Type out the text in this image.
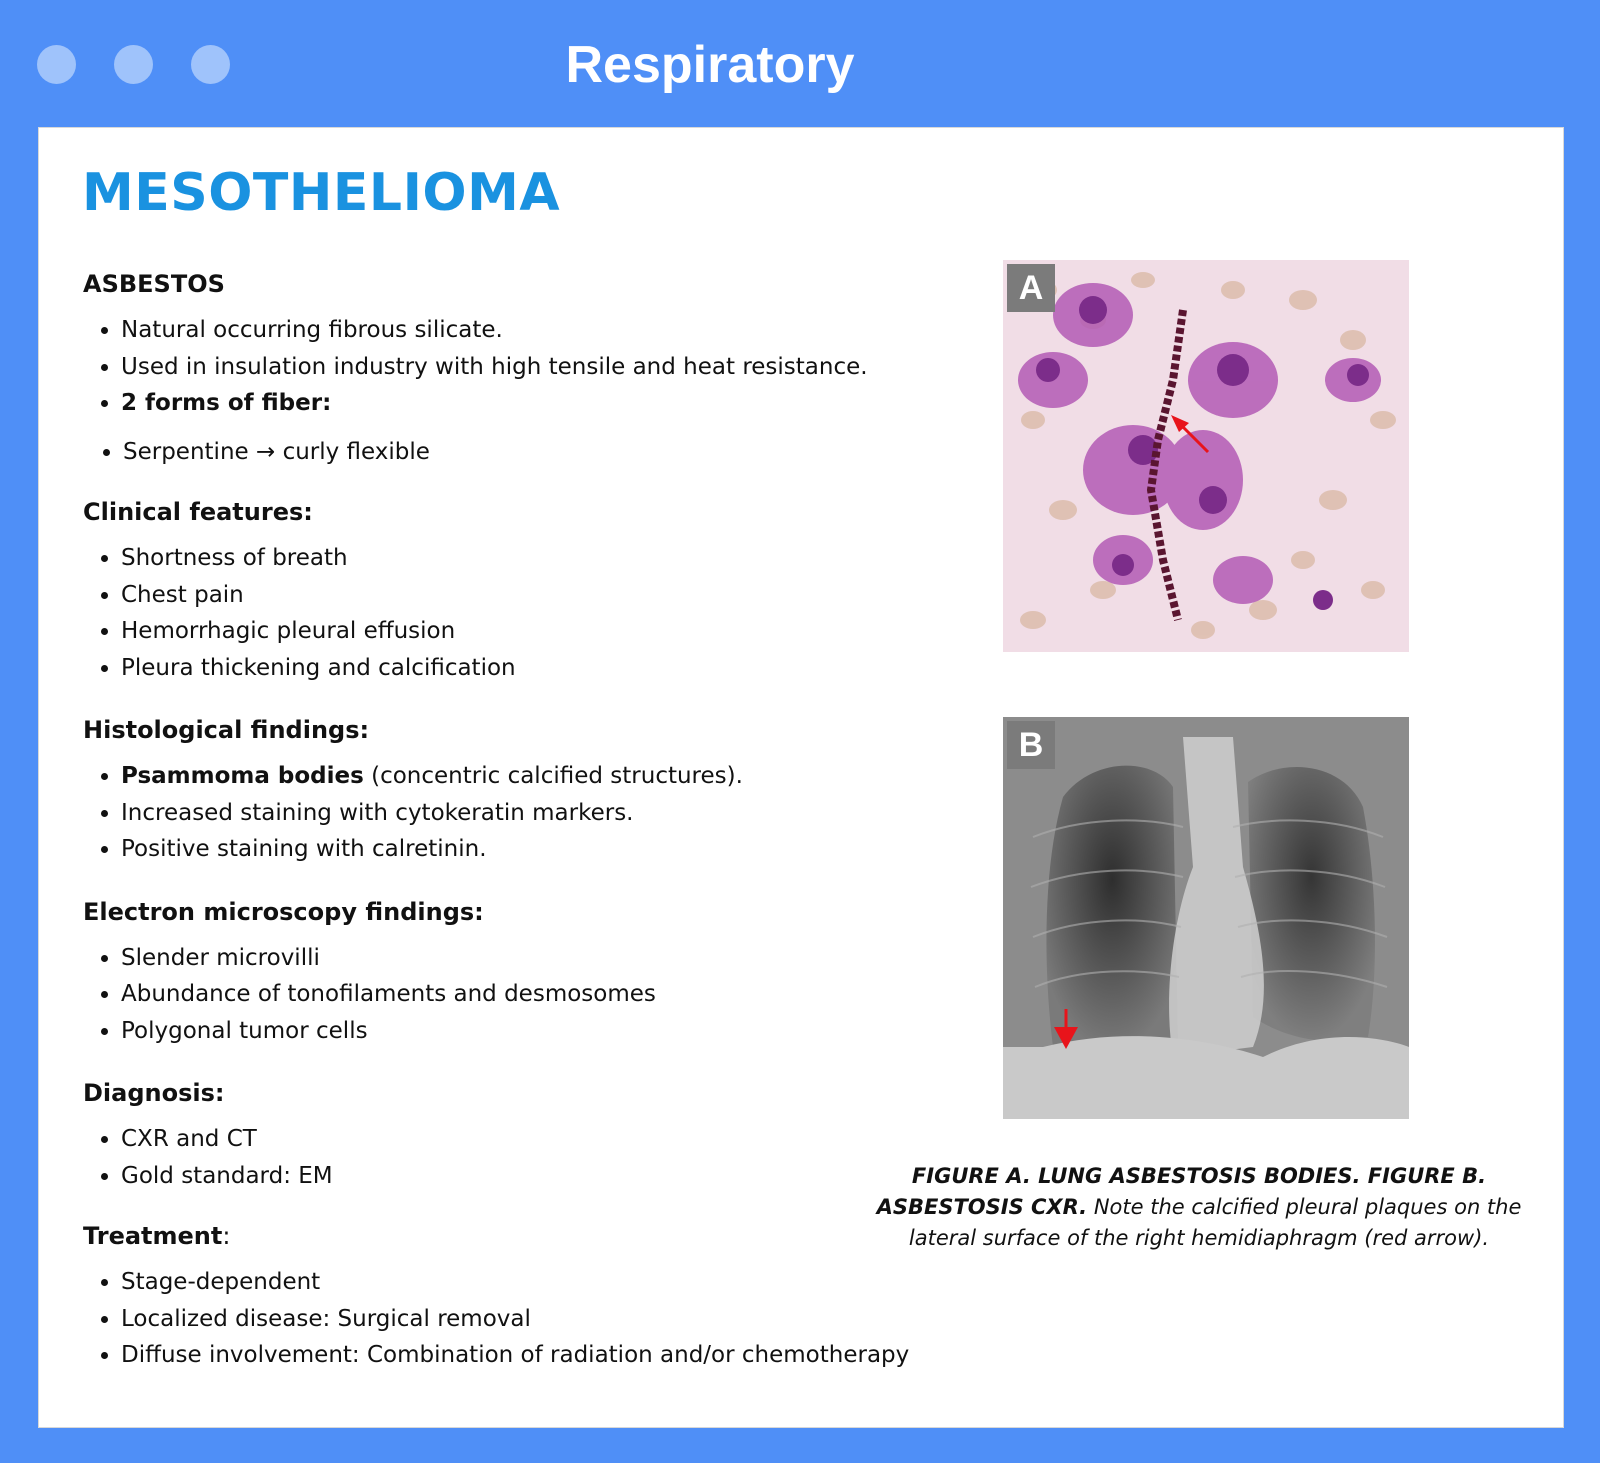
Respiratory
MESOTHELIOMA
ASBESTOS
• Natural occurring fibrous silicate.
• Used in insulation industry with high tensile and heat resistance.
• 2 forms of fiber:
• Serpentine → curly flexible
Clinical features:
• Shortness of breath
• Chest pain
• Hemorrhagic pleural effusion
• Pleura thickening and calcification
Histological findings:
• Psammoma bodies (concentric calcified structures).
• Increased staining with cytokeratin markers.
• Positive staining with calretinin.
Electron microscopy findings:
• Slender microvilli
• Abundance of tonofilaments and desmosomes
• Polygonal tumor cells
Diagnosis:
• CXR and CT
• Gold standard: EM
Treatment:
• Stage-dependent
• Localized disease: Surgical removal
• Diffuse involvement: Combination of radiation and/or chemotherapy
A
B
FIGURE A. LUNG ASBESTOSIS BODIES. FIGURE B. ASBESTOSIS CXR. Note the calcified pleural plaques on the lateral surface of the right hemidiaphragm (red arrow).
